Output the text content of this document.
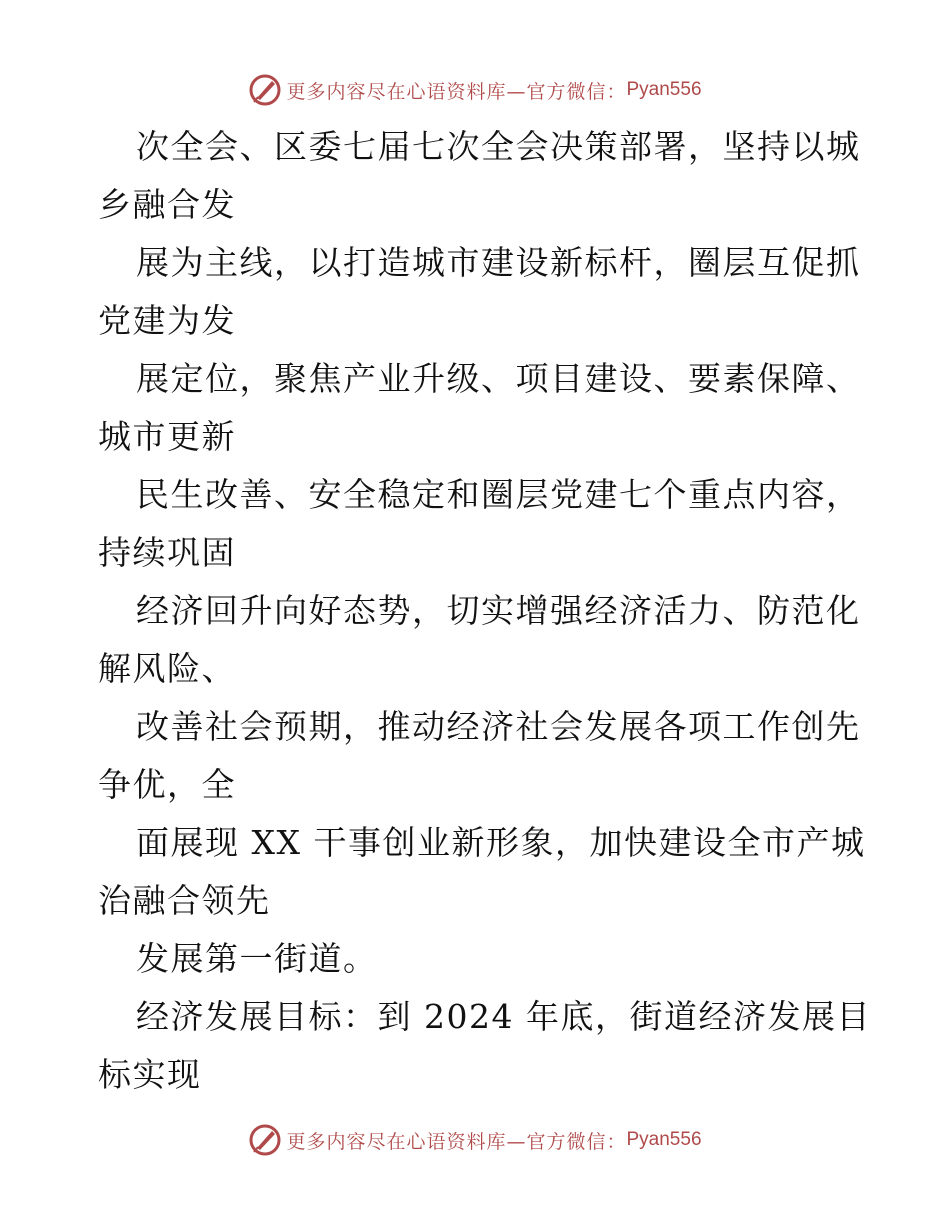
更多内容尽在心语资料库—官方微信： Pyan556
次全会、区委七届七次全会决策部署，坚持以城
乡融合发
展为主线，以打造城市建设新标杆，圈层互促抓
党建为发
展定位，聚焦产业升级、项目建设、要素保障、
城市更新
民生改善、安全稳定和圈层党建七个重点内容，
持续巩固
经济回升向好态势，切实增强经济活力、防范化
解风险、
改善社会预期，推动经济社会发展各项工作创先
争优，全
面展现 XX 干事创业新形象，加快建设全市产城
治融合领先
发展第一街道。
经济发展目标：到 2024 年底，街道经济发展目
标实现
更多内容尽在心语资料库—官方微信： Pyan556
